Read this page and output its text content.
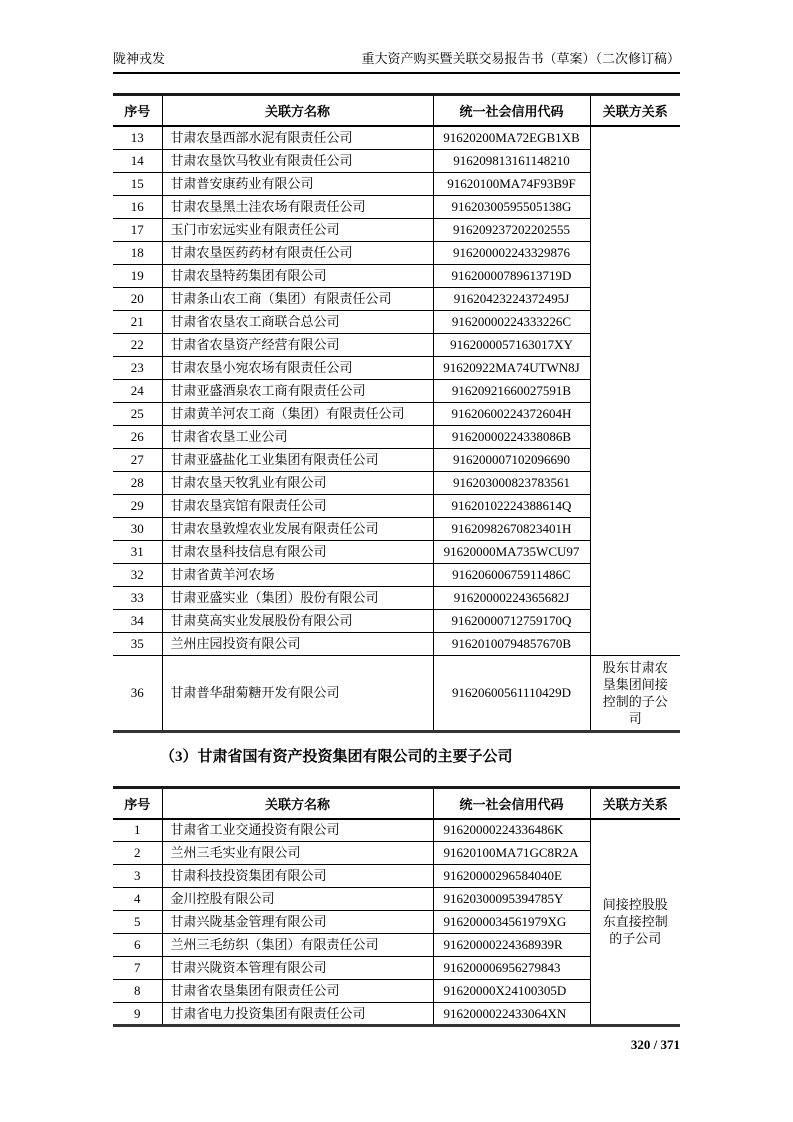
陇神戎发	重大资产购买暨关联交易报告书（草案）（二次修订稿）
序号	关联方名称	统一社会信用代码	关联方关系
13	甘肃农垦西部水泥有限责任公司	91620200MA72EGB1XB	
14	甘肃农垦饮马牧业有限责任公司	916209813161148210	
15	甘肃普安康药业有限公司	91620100MA74F93B9F	
16	甘肃农垦黑土洼农场有限责任公司	91620300595505138G	
17	玉门市宏远实业有限责任公司	916209237202202555	
18	甘肃农垦医药药材有限责任公司	916200002243329876	
19	甘肃农垦特药集团有限公司	91620000789613719D	
20	甘肃条山农工商（集团）有限责任公司	91620423224372495J	
21	甘肃省农垦农工商联合总公司	91620000224333226C	
22	甘肃省农垦资产经营有限公司	9162000057163017XY	
23	甘肃农垦小宛农场有限责任公司	91620922MA74UTWN8J	
24	甘肃亚盛酒泉农工商有限责任公司	91620921660027591B	
25	甘肃黄羊河农工商（集团）有限责任公司	91620600224372604H	
26	甘肃省农垦工业公司	91620000224338086B	
27	甘肃亚盛盐化工业集团有限责任公司	916200007102096690	
28	甘肃农垦天牧乳业有限公司	916203000823783561	
29	甘肃农垦宾馆有限责任公司	91620102224388614Q	
30	甘肃农垦敦煌农业发展有限责任公司	91620982670823401H	
31	甘肃农垦科技信息有限公司	91620000MA735WCU97	
32	甘肃省黄羊河农场	91620600675911486C	
33	甘肃亚盛实业（集团）股份有限公司	91620000224365682J	
34	甘肃莫高实业发展股份有限公司	91620000712759170Q	
35	兰州庄园投资有限公司	91620100794857670B	
36	甘肃普华甜菊糖开发有限公司	91620600561110429D	股东甘肃农垦集团间接控制的子公司
（3）甘肃省国有资产投资集团有限公司的主要子公司
序号	关联方名称	统一社会信用代码	关联方关系
1	甘肃省工业交通投资有限公司	91620000224336486K	间接控股股东直接控制的子公司
2	兰州三毛实业有限公司	91620100MA71GC8R2A	
3	甘肃科技投资集团有限公司	91620000296584040E	
4	金川控股有限公司	91620300095394785Y	
5	甘肃兴陇基金管理有限公司	9162000034561979XG	
6	兰州三毛纺织（集团）有限责任公司	91620000224368939R	
7	甘肃兴陇资本管理有限公司	916200006956279843	
8	甘肃省农垦集团有限责任公司	91620000X24100305D	
9	甘肃省电力投资集团有限责任公司	9162000022433064XN	
320 / 371
